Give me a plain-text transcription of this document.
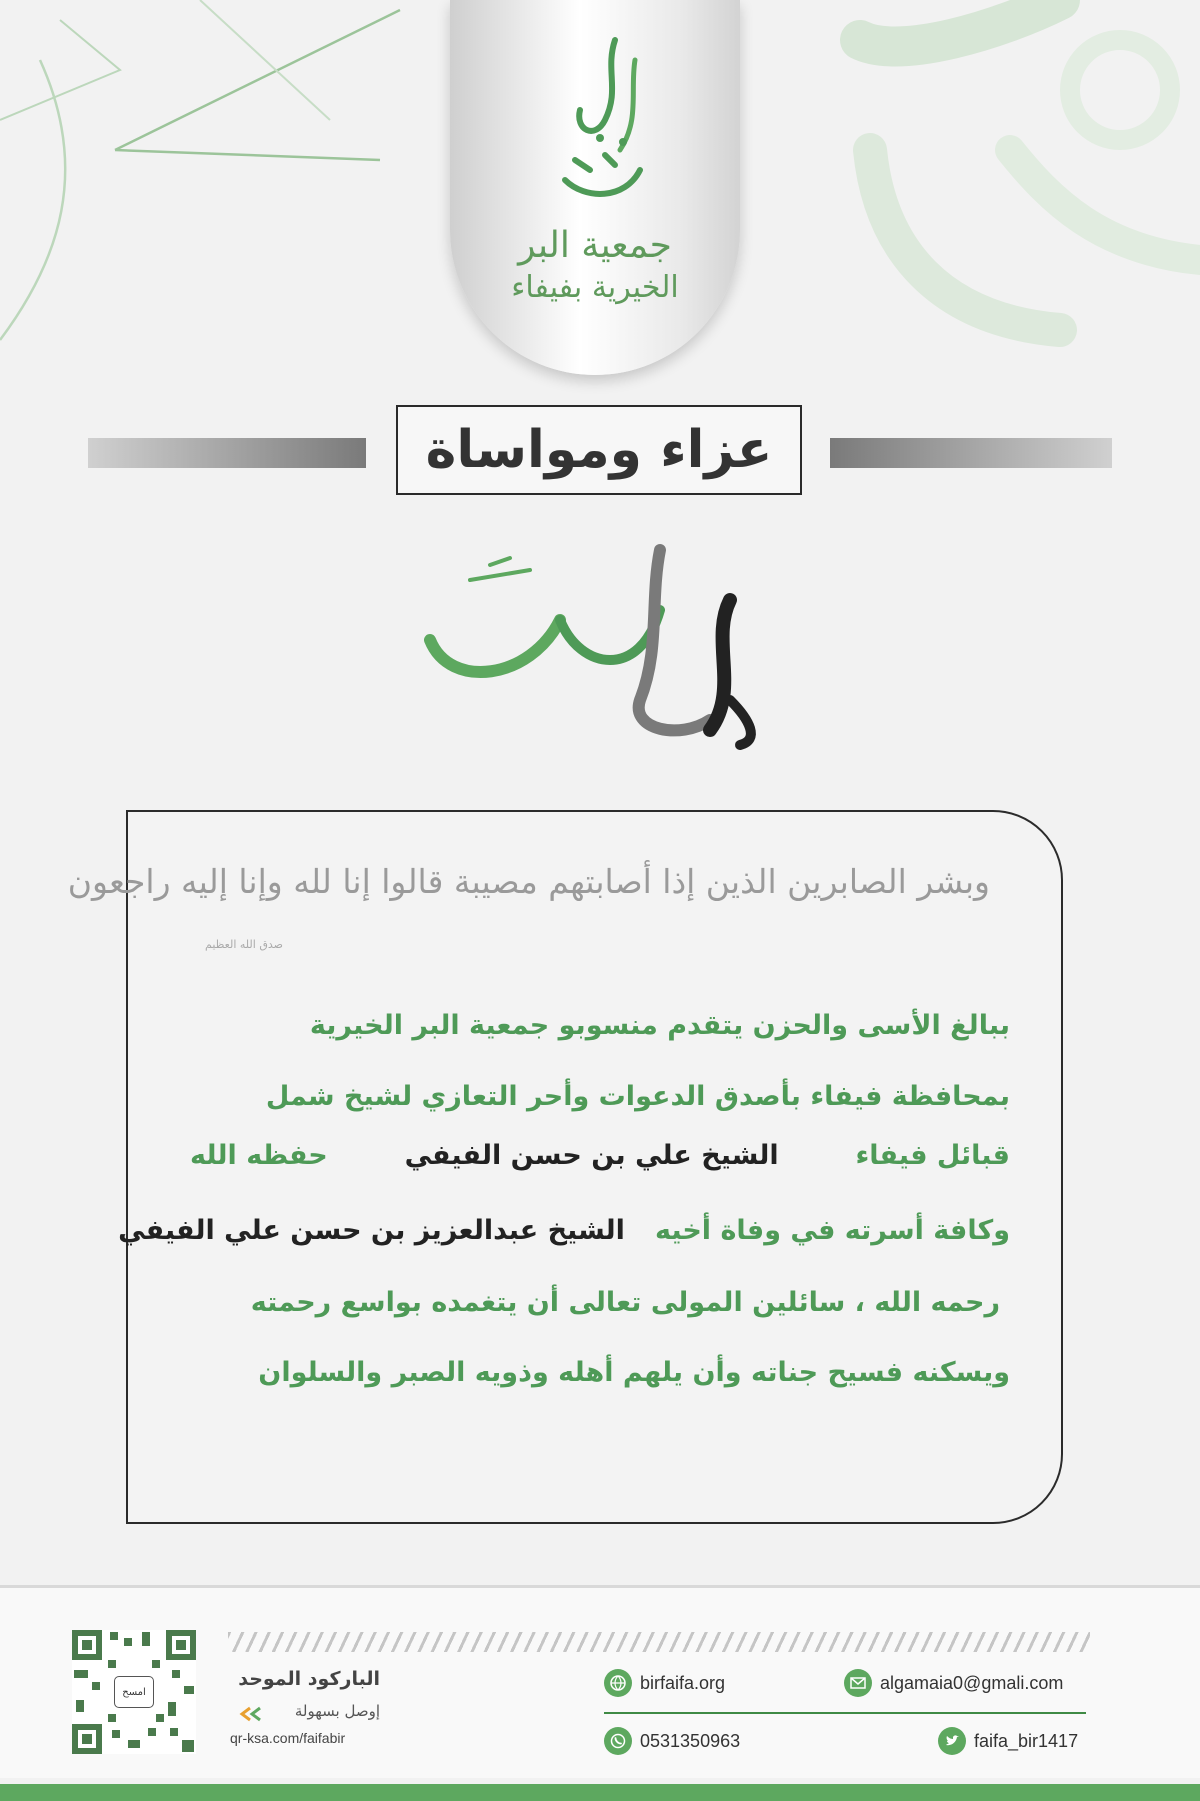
جمعية البر
الخيرية بفيفاء
عزاء ومواساة
وبشر الصابرين الذين إذا أصابتهم مصيبة قالوا إنا لله وإنا إليه راجعون
صدق الله العظيم
ببالغ الأسى والحزن يتقدم منسوبو جمعية البر الخيرية
بمحافظة فيفاء بأصدق الدعوات وأحر التعازي لشيخ شمل
قبائل فيفاء
الشيخ علي بن حسن الفيفي
حفظه الله
وكافة أسرته في وفاة أخيه
الشيخ عبدالعزيز بن حسن علي الفيفي
رحمه الله ، سائلين المولى تعالى أن يتغمده بواسع رحمته
ويسكنه فسيح جناته وأن يلهم أهله وذويه الصبر والسلوان
امسح
الباركود الموحد
إوصل بسهولة
qr-ksa.com/faifabir
birfaifa.org	algamaia0@gmali.com
0531350963	faifa_bir1417
